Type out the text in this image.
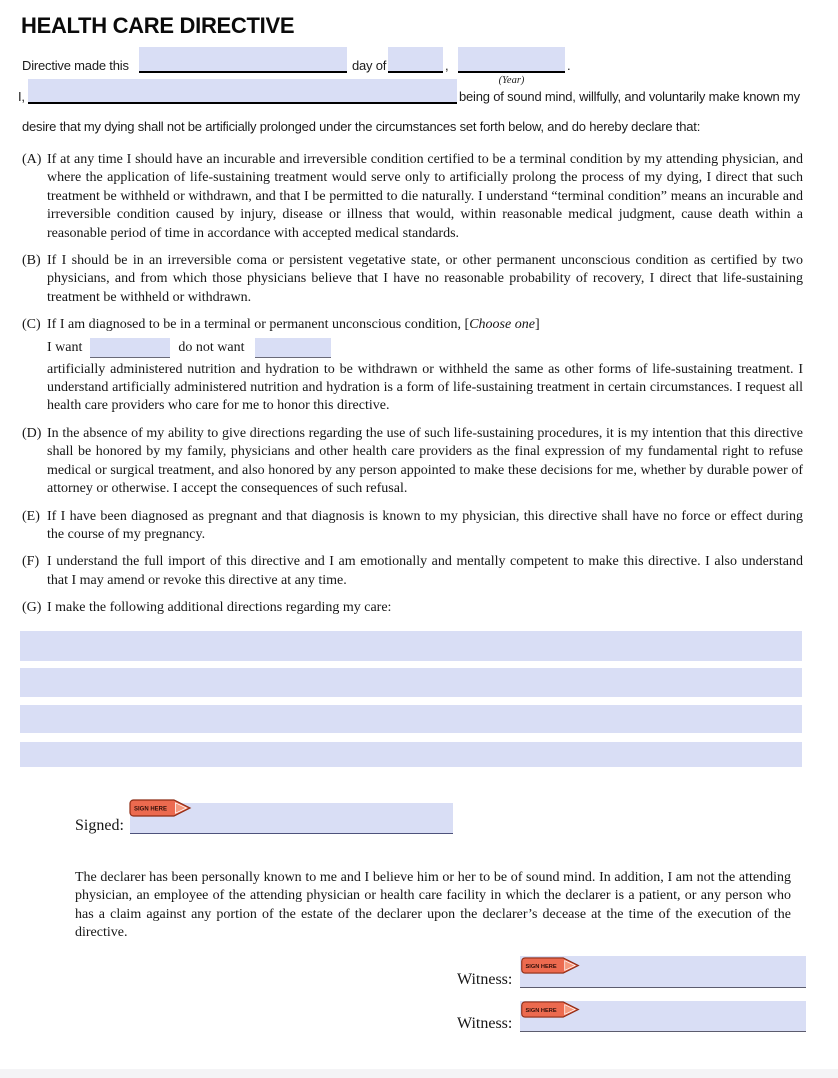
HEALTH CARE DIRECTIVE
Directive made this	day of	,	.
(Year)
I,	being of sound mind, willfully, and voluntarily make known my
desire that my dying shall not be artificially prolonged under the circumstances set forth below, and do hereby declare that:
(A) If at any time I should have an incurable and irreversible condition certified to be a terminal condition by my attending physician, and where the application of life-sustaining treatment would serve only to artificially prolong the process of my dying, I direct that such treatment be withheld or withdrawn, and that I be permitted to die naturally. I understand “terminal condition” means an incurable and irreversible condition caused by injury, disease or illness that would, within reasonable medical judgment, cause death within a reasonable period of time in accordance with accepted medical standards.
(B) If I should be in an irreversible coma or persistent vegetative state, or other permanent unconscious condition as certified by two physicians, and from which those physicians believe that I have no reasonable probability of recovery, I direct that life-sustaining treatment be withheld or withdrawn.
(C) If I am diagnosed to be in a terminal or permanent unconscious condition, [Choose one]
I want	do not want
artificially administered nutrition and hydration to be withdrawn or withheld the same as other forms of life-sustaining treatment. I understand artificially administered nutrition and hydration is a form of life-sustaining treatment in certain circumstances. I request all health care providers who care for me to honor this directive.
(D) In the absence of my ability to give directions regarding the use of such life-sustaining procedures, it is my intention that this directive shall be honored by my family, physicians and other health care providers as the final expression of my fundamental right to refuse medical or surgical treatment, and also honored by any person appointed to make these decisions for me, whether by durable power of attorney or otherwise. I accept the consequences of such refusal.
(E) If I have been diagnosed as pregnant and that diagnosis is known to my physician, this directive shall have no force or effect during the course of my pregnancy.
(F) I understand the full import of this directive and I am emotionally and mentally competent to make this directive. I also understand that I may amend or revoke this directive at any time.
(G) I make the following additional directions regarding my care:
Signed:
SIGN HERE
The declarer has been personally known to me and I believe him or her to be of sound mind. In addition, I am not the attending physician, an employee of the attending physician or health care facility in which the declarer is a patient, or any person who has a claim against any portion of the estate of the declarer upon the declarer’s decease at the time of the execution of the directive.
Witness:
SIGN HERE
Witness:
SIGN HERE
